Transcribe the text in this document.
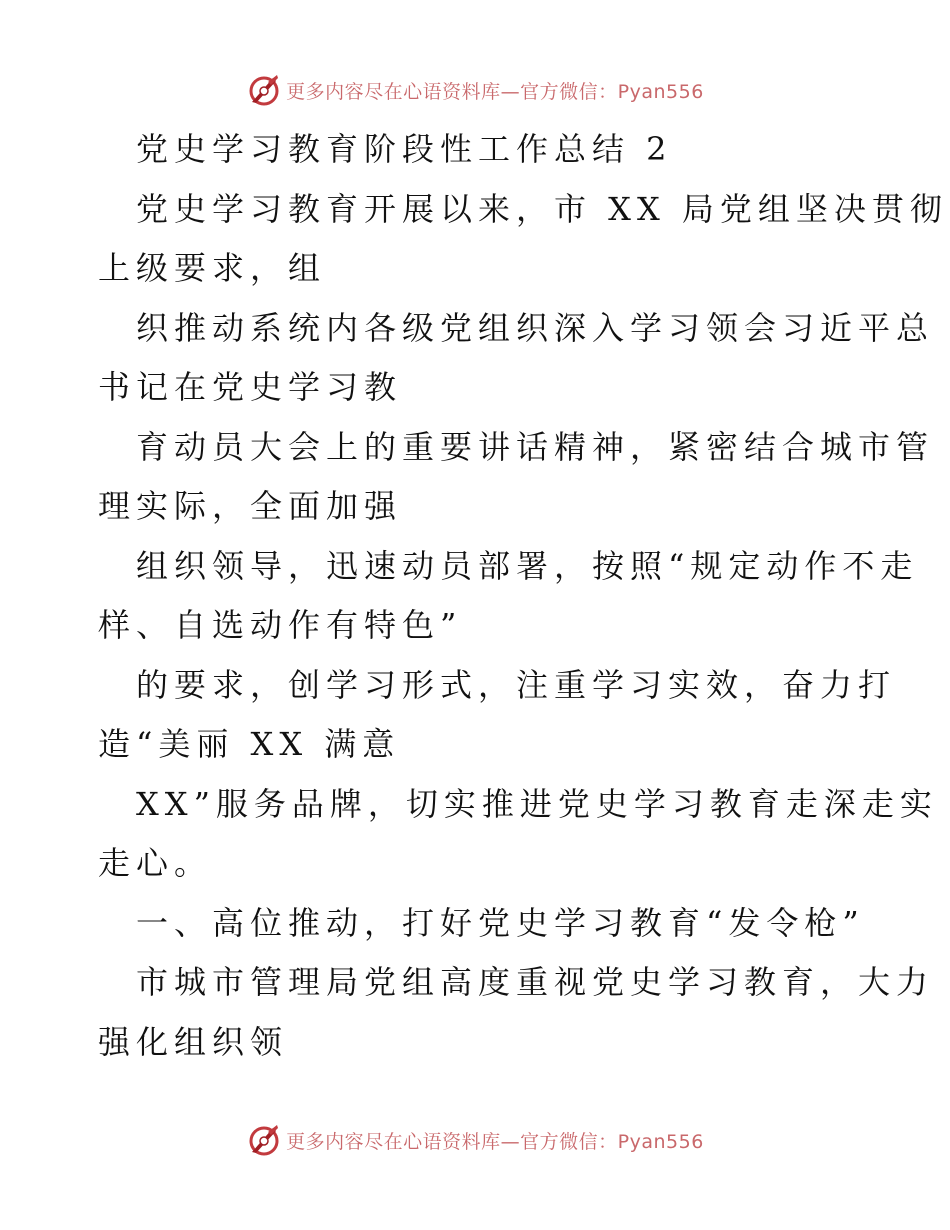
更多内容尽在心语资料库—官方微信：Pyan556
党史学习教育阶段性工作总结 2
党史学习教育开展以来，市 XX 局党组坚决贯彻
上级要求，组
织推动系统内各级党组织深入学习领会习近平总
书记在党史学习教
育动员大会上的重要讲话精神，紧密结合城市管
理实际，全面加强
组织领导，迅速动员部署，按照“规定动作不走
样、自选动作有特色”
的要求，创学习形式，注重学习实效，奋力打
造“美丽 XX 满意
XX”服务品牌，切实推进党史学习教育走深走实
走心。
一、高位推动，打好党史学习教育“发令枪”
市城市管理局党组高度重视党史学习教育，大力
强化组织领
更多内容尽在心语资料库—官方微信：Pyan556
